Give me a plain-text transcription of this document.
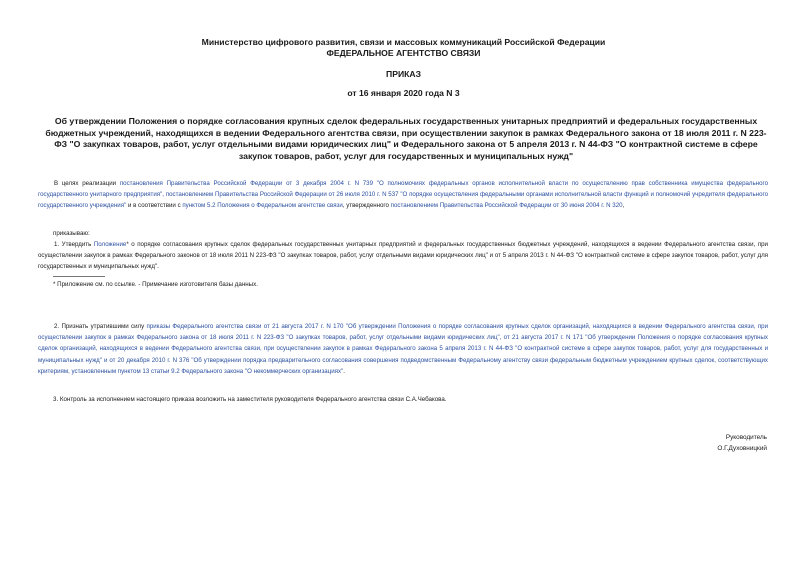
Министерство цифрового развития, связи и массовых коммуникаций Российской Федерации
ФЕДЕРАЛЬНОЕ АГЕНТСТВО СВЯЗИ
ПРИКАЗ
от 16 января 2020 года N 3
Об утверждении Положения о порядке согласования крупных сделок федеральных государственных унитарных предприятий и федеральных государственных бюджетных учреждений, находящихся в ведении Федерального агентства связи, при осуществлении закупок в рамках Федерального закона от 18 июля 2011 г. N 223-ФЗ "О закупках товаров, работ, услуг отдельными видами юридических лиц" и Федерального закона от 5 апреля 2013 г. N 44-ФЗ "О контрактной системе в сфере закупок товаров, работ, услуг для государственных и муниципальных нужд"
В целях реализации постановления Правительства Российской Федерации от 3 декабря 2004 г. N 739 "О полномочиях федеральных органов исполнительной власти по осуществлению прав собственника имущества федерального государственного унитарного предприятия", постановлением Правительства Российской Федерации от 26 июля 2010 г. N 537 "О порядке осуществления федеральными органами исполнительной власти функций и полномочий учредителя федерального государственного учреждения" и в соответствии с пунктом 5.2 Положения о Федеральном агентстве связи, утвержденного постановлением Правительства Российской Федерации от 30 июня 2004 г. N 320,
приказываю:
1. Утвердить Положение* о порядке согласования крупных сделок федеральных государственных унитарных предприятий и федеральных государственных бюджетных учреждений, находящихся в ведении Федерального агентства связи, при осуществлении закупок в рамках Федерального законов от 18 июля 2011 N 223-ФЗ "О закупках товаров, работ, услуг отдельными видами юридических лиц" и от 5 апреля 2013 г. N 44-ФЗ "О контрактной системе в сфере закупок товаров, работ, услуг для государственных и муниципальных нужд".
* Приложение см. по ссылке. - Примечание изготовителя базы данных.
2. Признать утратившими силу приказы Федерального агентства связи от 21 августа 2017 г. N 170 "Об утверждении Положения о порядке согласования крупных сделок организаций, находящихся в ведении Федерального агентства связи, при осуществлении закупок в рамках Федерального закона от 18 июля 2011 г. N 223-ФЗ "О закупках товаров, работ, услуг отдельными видами юридических лиц", от 21 августа 2017 г. N 171 "Об утверждении Положения о порядке согласования крупных сделок организаций, находящихся в ведении Федерального агентства связи, при осуществлении закупок в рамках Федерального закона 5 апреля 2013 г. N 44-ФЗ "О контрактной системе в сфере закупок товаров, работ, услуг для государственных и муниципальных нужд" и от 20 декабря 2010 г. N 376 "Об утверждении порядка предварительного согласования совершения подведомственным Федеральному агентству связи федеральным бюджетным учреждением крупных сделок, соответствующих критериям, установленным пунктом 13 статьи 9.2 Федерального закона "О некоммерческих организациях".
3. Контроль за исполнением настоящего приказа возложить на заместителя руководителя Федерального агентства связи С.А.Чебакова.
Руководитель
О.Г.Духовницкий
